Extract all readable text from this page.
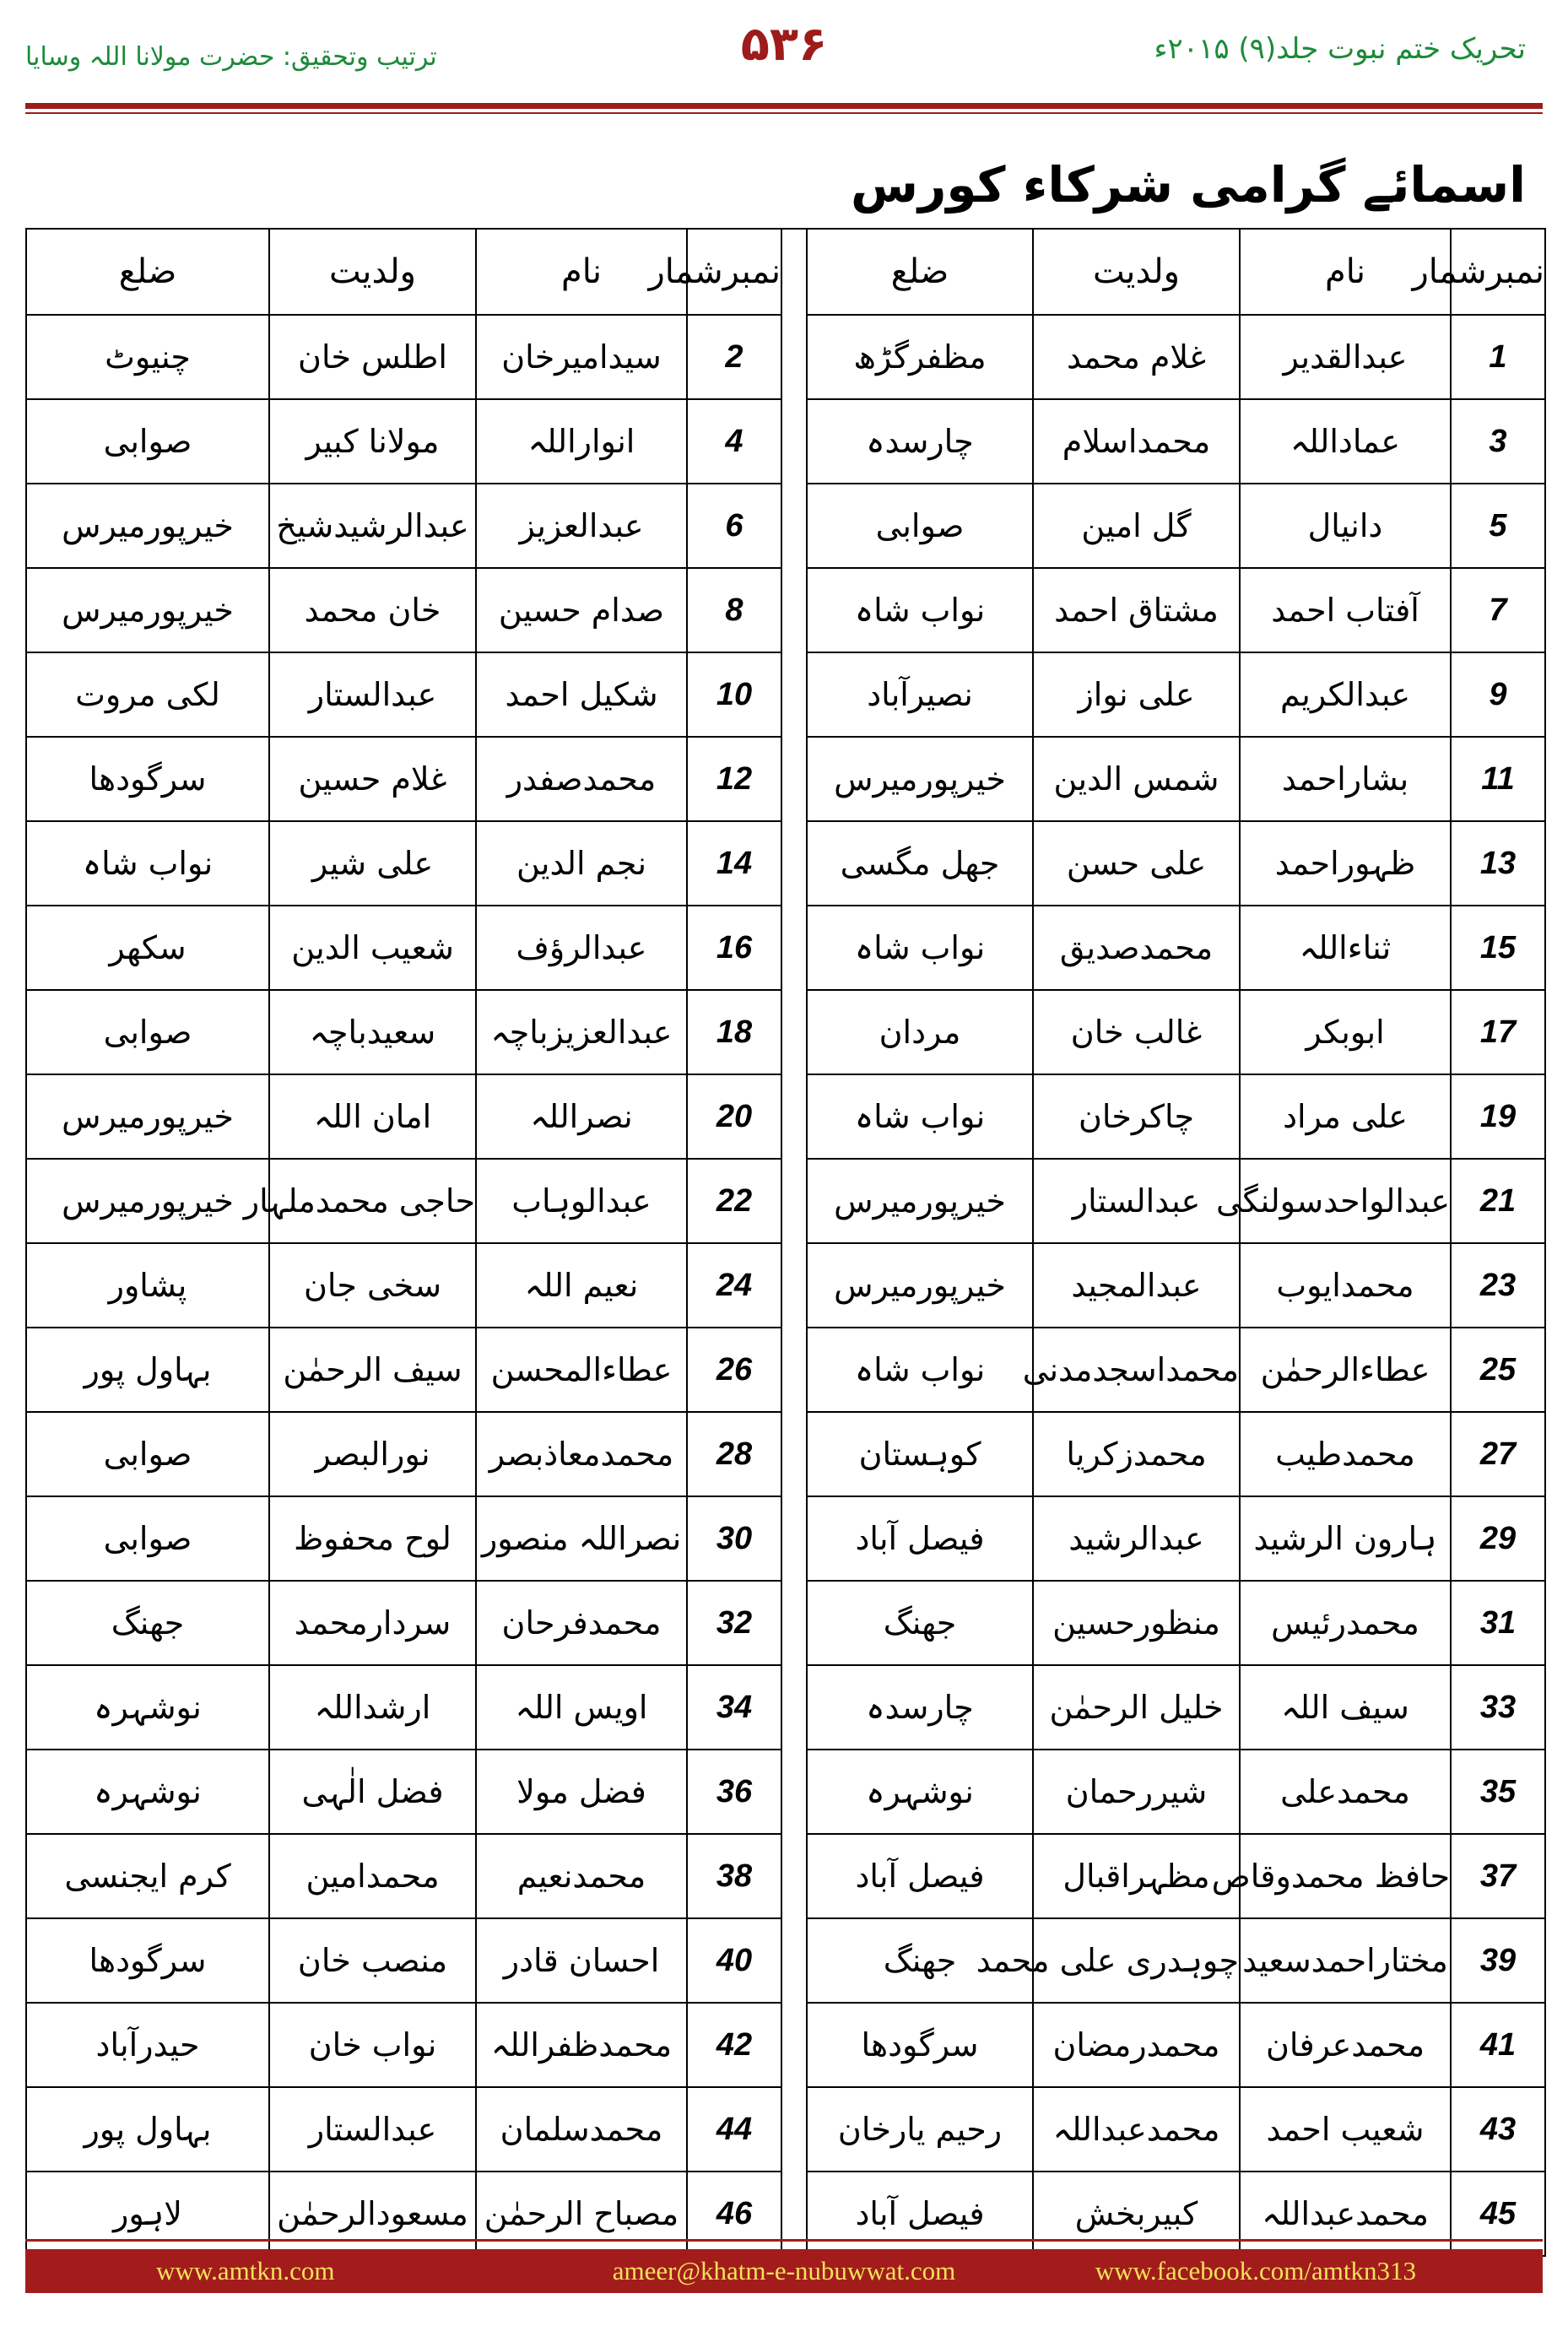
تحریک ختم نبوت جلد(۹) ۲۰۱۵ء
۵۳۶
ترتیب وتحقیق: حضرت مولانا اللہ وسایا
اسمائے گرامی شرکاء کورس
نمبرشمار	نام	ولدیت	ضلع		نمبرشمار	نام	ولدیت	ضلع
1	عبدالقدیر	غلام محمد	مظفرگڑھ		2	سیدامیرخان	اطلس خان	چنیوٹ
3	عماداللہ	محمداسلام	چارسدہ		4	انواراللہ	مولانا کبیر	صوابی
5	دانیال	گل امین	صوابی		6	عبدالعزیز	عبدالرشیدشیخ	خیرپورمیرس
7	آفتاب احمد	مشتاق احمد	نواب شاہ		8	صدام حسین	خان محمد	خیرپورمیرس
9	عبدالکریم	علی نواز	نصیرآباد		10	شکیل احمد	عبدالستار	لکی مروت
11	بشاراحمد	شمس الدین	خیرپورمیرس		12	محمدصفدر	غلام حسین	سرگودھا
13	ظہوراحمد	علی حسن	جھل مگسی		14	نجم الدین	علی شیر	نواب شاہ
15	ثناءاللہ	محمدصدیق	نواب شاہ		16	عبدالرؤف	شعیب الدین	سکھر
17	ابوبکر	غالب خان	مردان		18	عبدالعزیزباچہ	سعیدباچہ	صوابی
19	علی مراد	چاکرخان	نواب شاہ		20	نصراللہ	امان اللہ	خیرپورمیرس
21	عبدالواحدسولنگی	عبدالستار	خیرپورمیرس		22	عبدالوہاب	حاجی محمدملہار	خیرپورمیرس
23	محمدایوب	عبدالمجید	خیرپورمیرس		24	نعیم اللہ	سخی جان	پشاور
25	عطاءالرحمٰن	محمداسجدمدنی	نواب شاہ		26	عطاءالمحسن	سیف الرحمٰن	بہاول پور
27	محمدطیب	محمدزکریا	کوہستان		28	محمدمعاذبصر	نورالبصر	صوابی
29	ہارون الرشید	عبدالرشید	فیصل آباد		30	نصراللہ منصور	لوح محفوظ	صوابی
31	محمدرئیس	منظورحسین	جھنگ		32	محمدفرحان	سردارمحمد	جھنگ
33	سیف اللہ	خلیل الرحمٰن	چارسدہ		34	اویس اللہ	ارشداللہ	نوشہرہ
35	محمدعلی	شیررحمان	نوشہرہ		36	فضل مولا	فضل الٰہی	نوشہرہ
37	حافظ محمدوقاص	مظہراقبال	فیصل آباد		38	محمدنعیم	محمدامین	کرم ایجنسی
39	مختاراحمدسعید	چوہدری علی محمد	جھنگ		40	احسان قادر	منصب خان	سرگودھا
41	محمدعرفان	محمدرمضان	سرگودھا		42	محمدظفراللہ	نواب خان	حیدرآباد
43	شعیب احمد	محمدعبداللہ	رحیم یارخان		44	محمدسلمان	عبدالستار	بہاول پور
45	محمدعبداللہ	کبیربخش	فیصل آباد		46	مصباح الرحمٰن	مسعودالرحمٰن	لاہور
ameer@khatm-e-nubuwwat.com
www.amtkn.com	www.facebook.com/amtkn313
